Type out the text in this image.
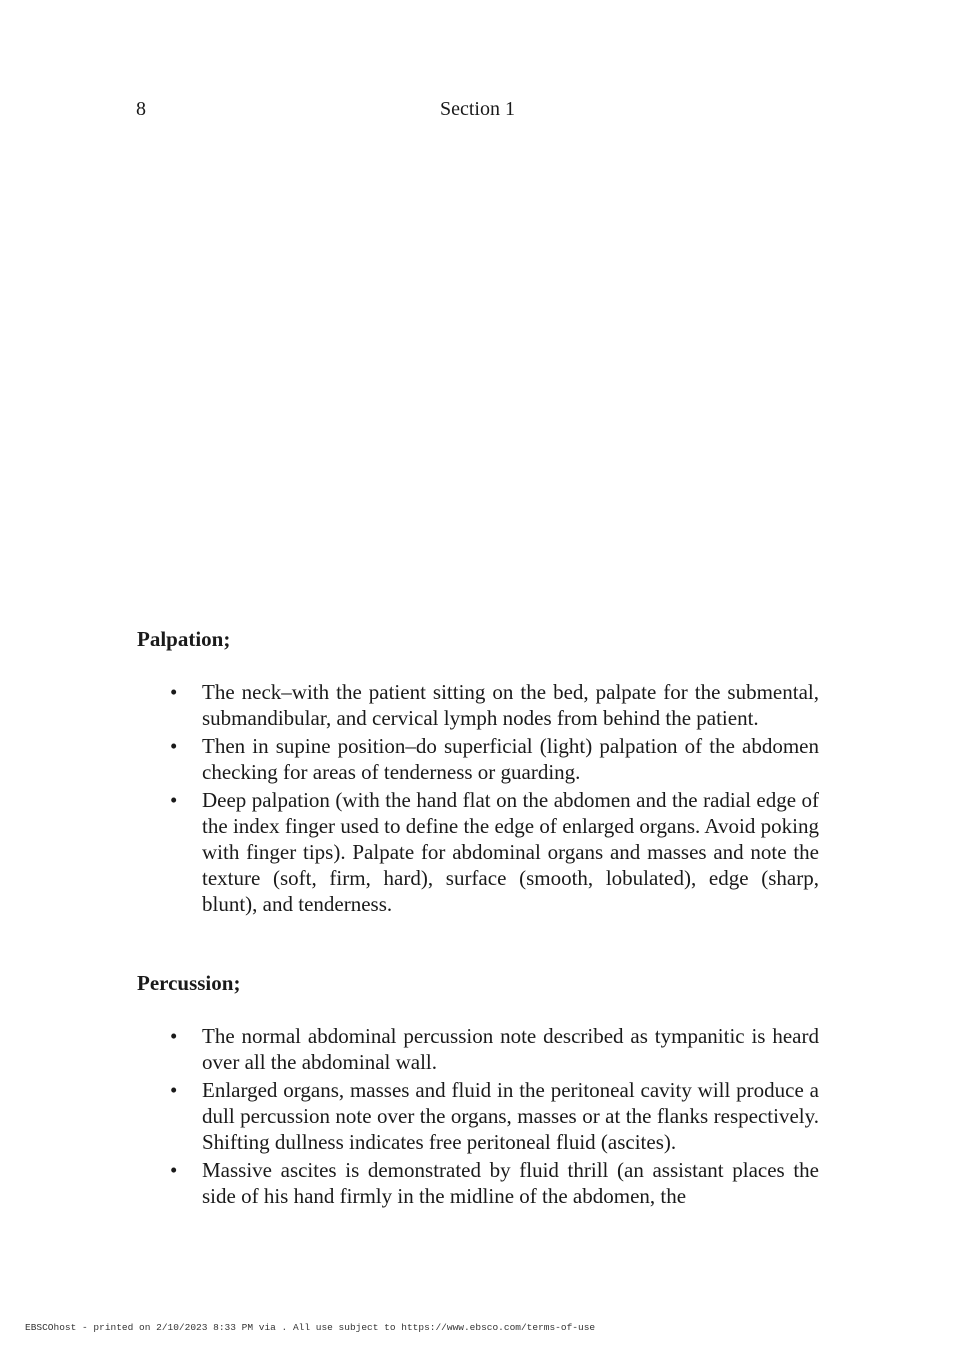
8	Section 1
Palpation;
• The neck–with the patient sitting on the bed, palpate for the submental, submandibular, and cervical lymph nodes from behind the patient.
• Then in supine position–do superficial (light) palpation of the abdomen checking for areas of tenderness or guarding.
• Deep palpation (with the hand flat on the abdomen and the radial edge of the index finger used to define the edge of enlarged organs. Avoid poking with finger tips). Palpate for abdominal organs and masses and note the texture (soft, firm, hard), surface (smooth, lobulated), edge (sharp, blunt), and tenderness.
Percussion;
• The normal abdominal percussion note described as tympanitic is heard over all the abdominal wall.
• Enlarged organs, masses and fluid in the peritoneal cavity will produce a dull percussion note over the organs, masses or at the flanks respectively. Shifting dullness indicates free peritoneal fluid (ascites).
• Massive ascites is demonstrated by fluid thrill (an assistant places the side of his hand firmly in the midline of the abdomen, the
EBSCOhost - printed on 2/10/2023 8:33 PM via . All use subject to https://www.ebsco.com/terms-of-use
